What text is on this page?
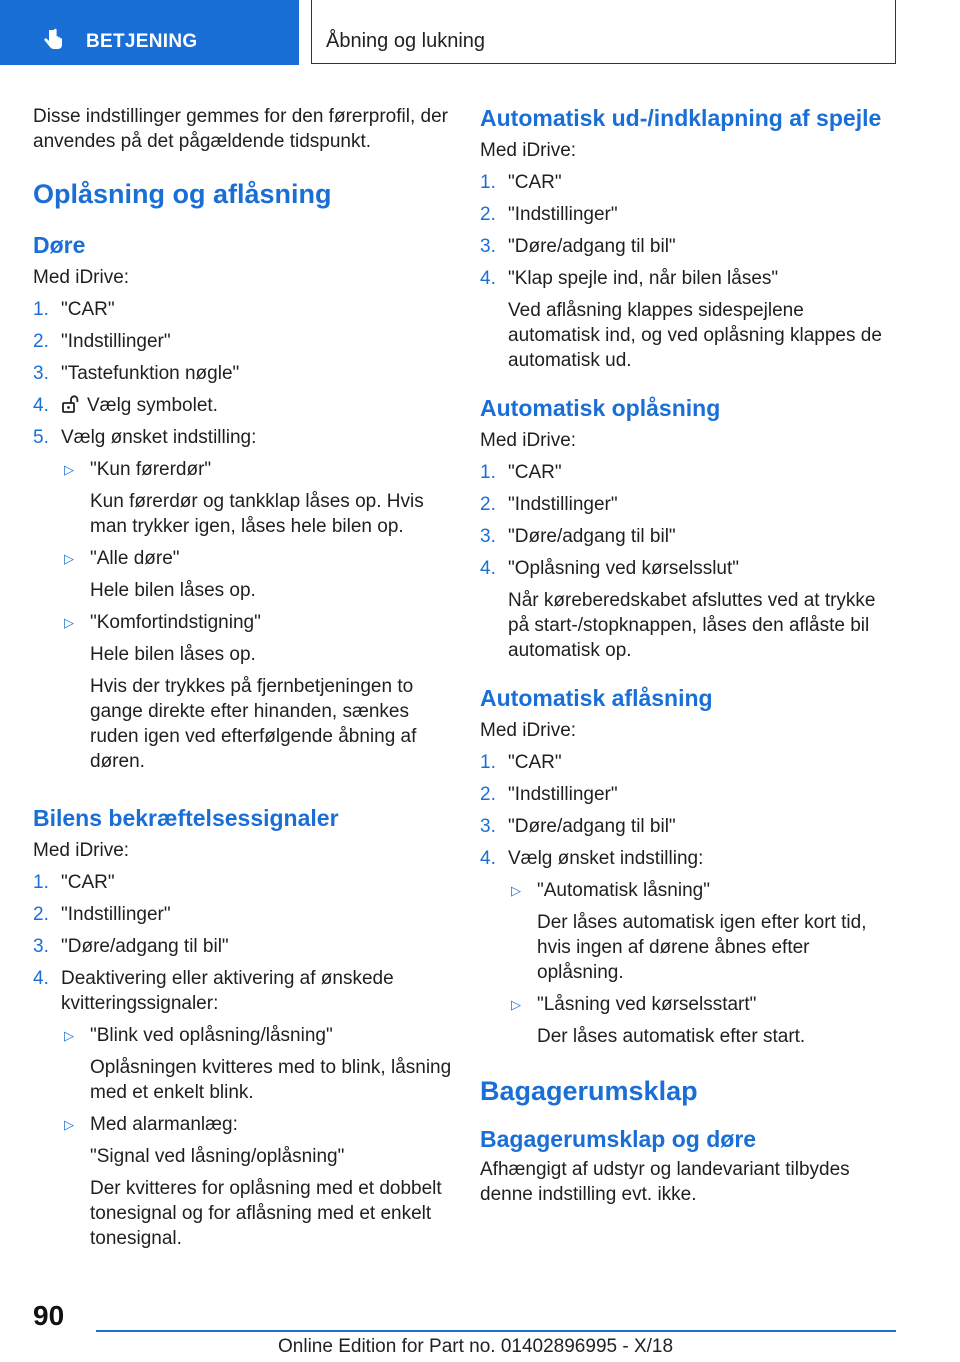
BETJENING	Åbning og lukning

Disse indstillinger gemmes for den førerprofil, der anvendes på det pågældende tidspunkt.

Oplåsning og aflåsning
Døre
Med iDrive:
1. "CAR"
2. "Indstillinger"
3. "Tastefunktion nøgle"
4. Vælg symbolet.
5. Vælg ønsket indstilling:
▷ "Kun førerdør"
Kun førerdør og tankklap låses op. Hvis man trykker igen, låses hele bilen op.
▷ "Alle døre"
Hele bilen låses op.
▷ "Komfortindstigning"
Hele bilen låses op.
Hvis der trykkes på fjernbetjeningen to gange direkte efter hinanden, sænkes ruden igen ved efterfølgende åbning af døren.
Bilens bekræftelsessignaler
Med iDrive:
1. "CAR"
2. "Indstillinger"
3. "Døre/adgang til bil"
4. Deaktivering eller aktivering af ønskede kvitteringssignaler:
▷ "Blink ved oplåsning/låsning"
Oplåsningen kvitteres med to blink, låsning med et enkelt blink.
▷ Med alarmanlæg:
"Signal ved låsning/oplåsning"
Der kvitteres for oplåsning med et dobbelt tonesignal og for aflåsning med et enkelt tonesignal.
Automatisk ud-/indklapning af spejle
Med iDrive:
1. "CAR"
2. "Indstillinger"
3. "Døre/adgang til bil"
4. "Klap spejle ind, når bilen låses"
Ved aflåsning klappes sidespejlene automatisk ind, og ved oplåsning klappes de automatisk ud.
Automatisk oplåsning
Med iDrive:
1. "CAR"
2. "Indstillinger"
3. "Døre/adgang til bil"
4. "Oplåsning ved kørselsslut"
Når køreberedskabet afsluttes ved at trykke på start-/stopknappen, låses den aflåste bil automatisk op.
Automatisk aflåsning
Med iDrive:
1. "CAR"
2. "Indstillinger"
3. "Døre/adgang til bil"
4. Vælg ønsket indstilling:
▷ "Automatisk låsning"
Der låses automatisk igen efter kort tid, hvis ingen af dørene åbnes efter oplåsning.
▷ "Låsning ved kørselsstart"
Der låses automatisk efter start.
Bagagerumsklap
Bagagerumsklap og døre
Afhængigt af udstyr og landevariant tilbydes denne indstilling evt. ikke.
90
Online Edition for Part no. 01402896995 - X/18
